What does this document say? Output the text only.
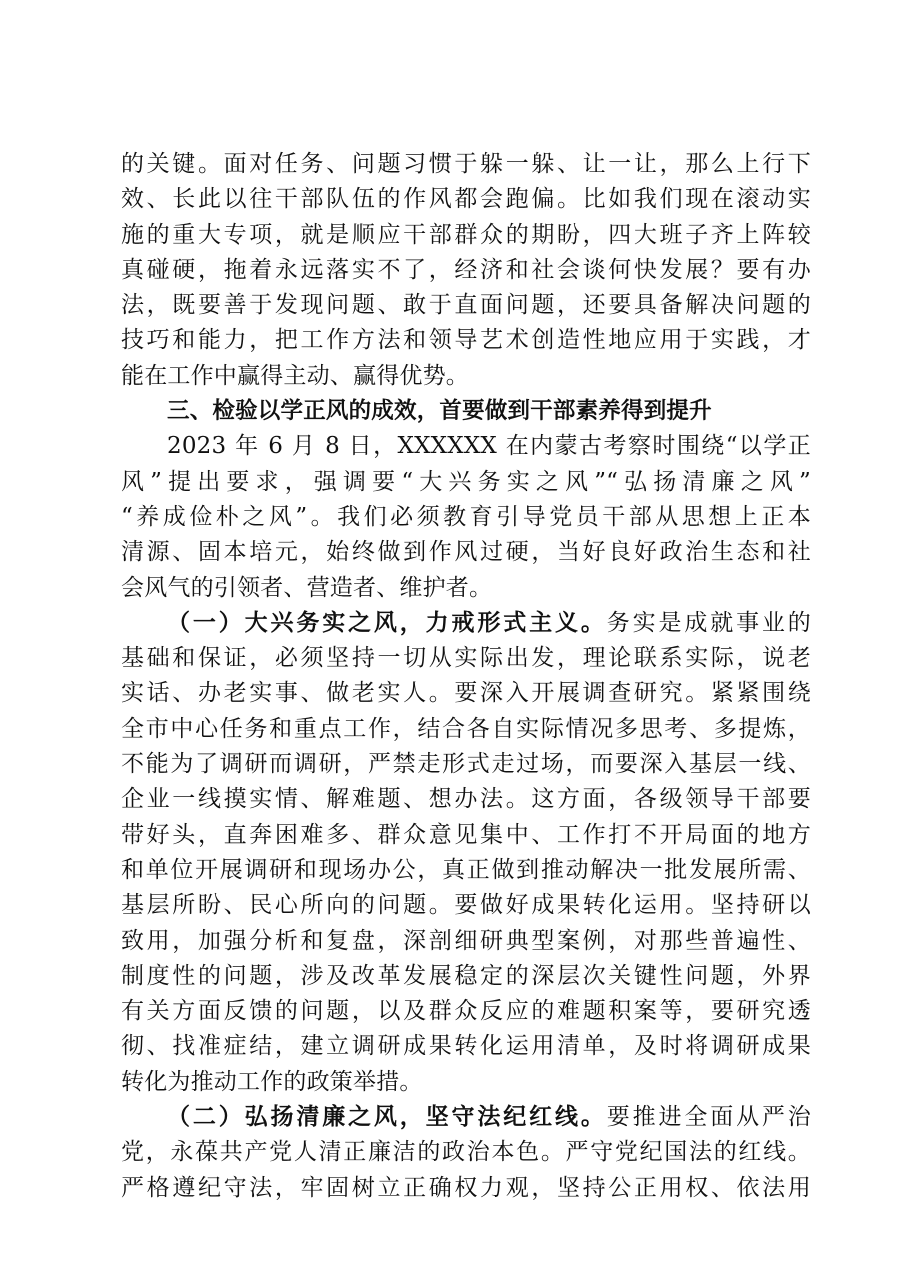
的关键。面对任务、问题习惯于躲一躲、让一让，那么上行下
效、长此以往干部队伍的作风都会跑偏。比如我们现在滚动实
施的重大专项，就是顺应干部群众的期盼，四大班子齐上阵较
真碰硬，拖着永远落实不了，经济和社会谈何快发展？要有办
法，既要善于发现问题、敢于直面问题，还要具备解决问题的
技巧和能力，把工作方法和领导艺术创造性地应用于实践，才
能在工作中赢得主动、赢得优势。
三、检验以学正风的成效，首要做到干部素养得到提升
2023 年 6 月 8 日，XXXXXX 在内蒙古考察时围绕“以学正
风”提出要求，强调要“大兴务实之风”“弘扬清廉之风”
“养成俭朴之风”。我们必须教育引导党员干部从思想上正本
清源、固本培元，始终做到作风过硬，当好良好政治生态和社
会风气的引领者、营造者、维护者。
（一）大兴务实之风，力戒形式主义。务实是成就事业的
基础和保证，必须坚持一切从实际出发，理论联系实际，说老
实话、办老实事、做老实人。要深入开展调查研究。紧紧围绕
全市中心任务和重点工作，结合各自实际情况多思考、多提炼，
不能为了调研而调研，严禁走形式走过场，而要深入基层一线、
企业一线摸实情、解难题、想办法。这方面，各级领导干部要
带好头，直奔困难多、群众意见集中、工作打不开局面的地方
和单位开展调研和现场办公，真正做到推动解决一批发展所需、
基层所盼、民心所向的问题。要做好成果转化运用。坚持研以
致用，加强分析和复盘，深剖细研典型案例，对那些普遍性、
制度性的问题，涉及改革发展稳定的深层次关键性问题，外界
有关方面反馈的问题，以及群众反应的难题积案等，要研究透
彻、找准症结，建立调研成果转化运用清单，及时将调研成果
转化为推动工作的政策举措。
（二）弘扬清廉之风，坚守法纪红线。要推进全面从严治
党，永葆共产党人清正廉洁的政治本色。严守党纪国法的红线。
严格遵纪守法，牢固树立正确权力观，坚持公正用权、依法用
